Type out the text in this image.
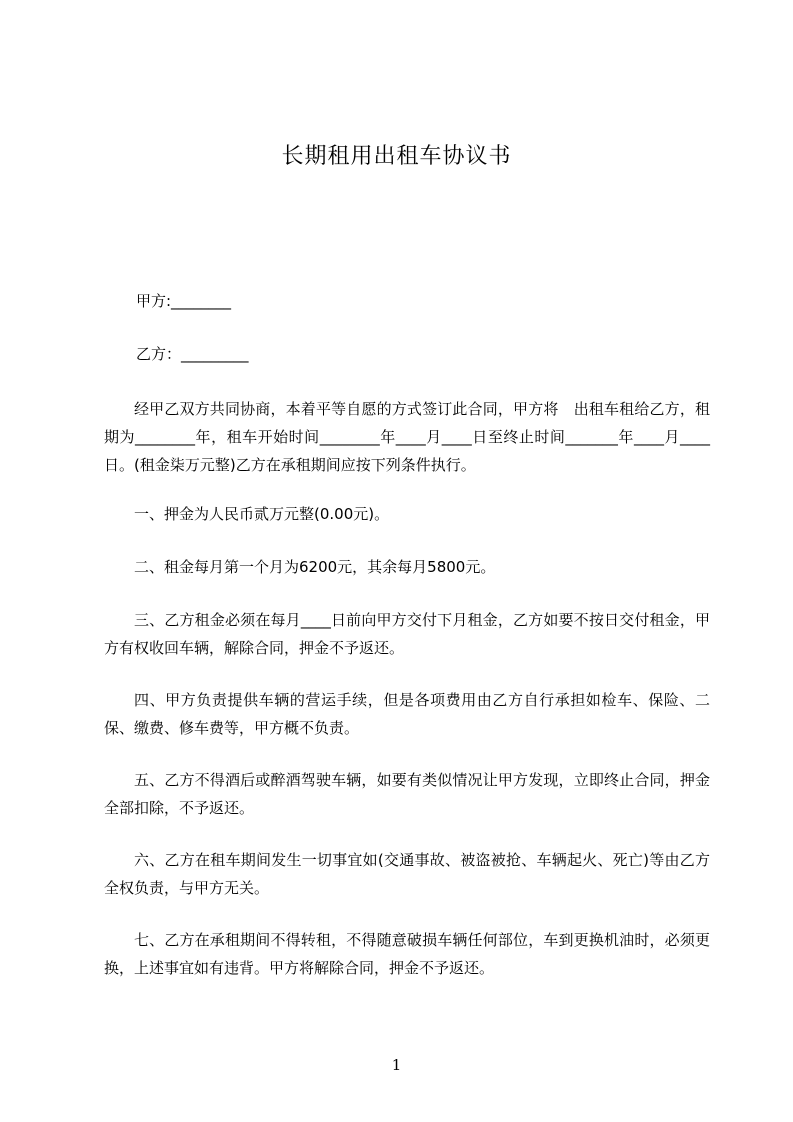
长期租用出租车协议书
甲方:________
乙方：_________
经甲乙双方共同协商，本着平等自愿的方式签订此合同，甲方将　出租车租给乙方，租期为________年，租车开始时间________年____月____日至终止时间_______年____月____日。(租金柒万元整)乙方在承租期间应按下列条件执行。
一、押金为人民币贰万元整(0.00元)。
二、租金每月第一个月为6200元，其余每月5800元。
三、乙方租金必须在每月____日前向甲方交付下月租金，乙方如要不按日交付租金，甲方有权收回车辆，解除合同，押金不予返还。
四、甲方负责提供车辆的营运手续，但是各项费用由乙方自行承担如检车、保险、二保、缴费、修车费等，甲方概不负责。
五、乙方不得酒后或醉酒驾驶车辆，如要有类似情况让甲方发现，立即终止合同，押金全部扣除，不予返还。
六、乙方在租车期间发生一切事宜如(交通事故、被盗被抢、车辆起火、死亡)等由乙方全权负责，与甲方无关。
七、乙方在承租期间不得转租，不得随意破损车辆任何部位，车到更换机油时，必须更换，上述事宜如有违背。甲方将解除合同，押金不予返还。
1
